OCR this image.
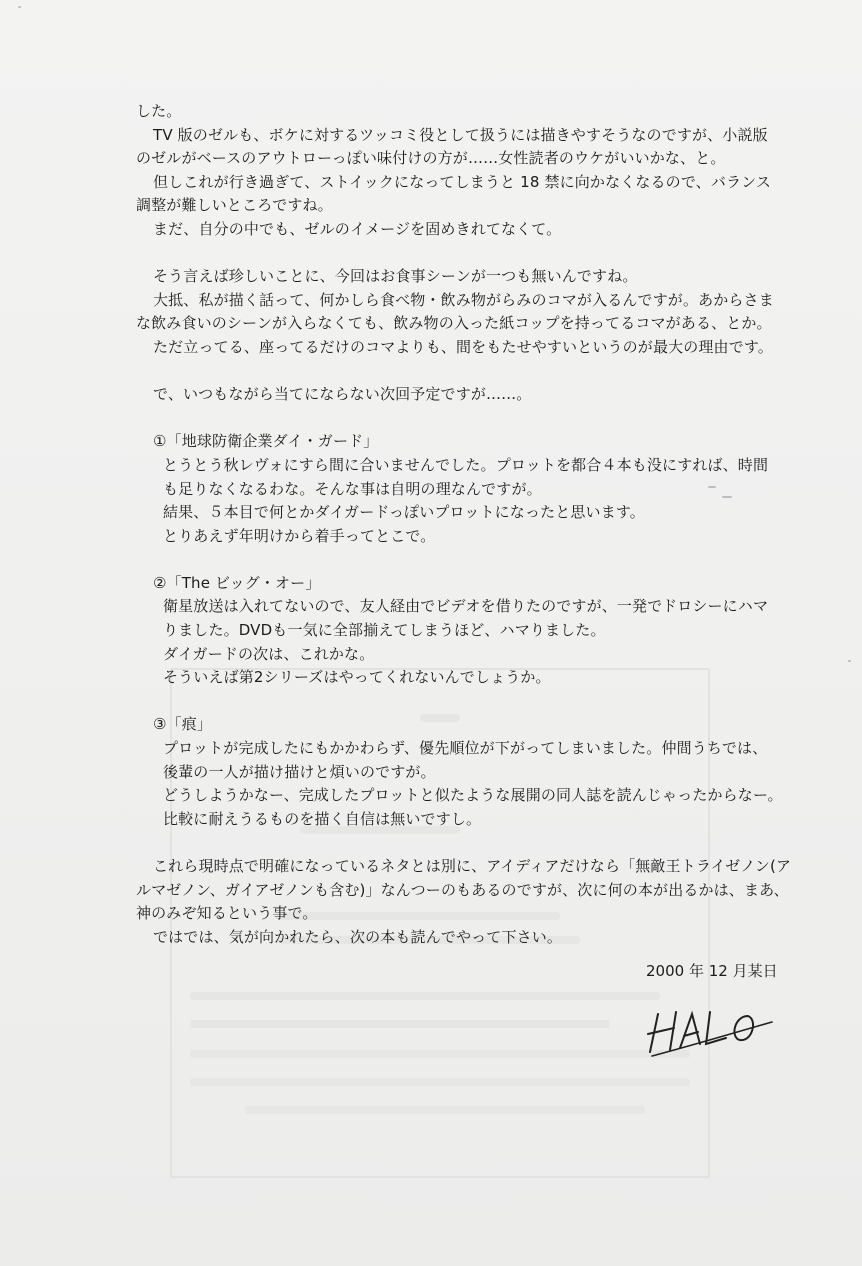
した。
TV 版のゼルも、ボケに対するツッコミ役として扱うには描きやすそうなのですが、小説版
のゼルがベースのアウトローっぽい味付けの方が……女性読者のウケがいいかな、と。
但しこれが行き過ぎて、ストイックになってしまうと 18 禁に向かなくなるので、バランス
調整が難しいところですね。
まだ、自分の中でも、ゼルのイメージを固めきれてなくて。
そう言えば珍しいことに、今回はお食事シーンが一つも無いんですね。
大抵、私が描く話って、何かしら食べ物・飲み物がらみのコマが入るんですが。あからさま
な飲み食いのシーンが入らなくても、飲み物の入った紙コップを持ってるコマがある、とか。
ただ立ってる、座ってるだけのコマよりも、間をもたせやすいというのが最大の理由です。
で、いつもながら当てにならない次回予定ですが……。
①「地球防衛企業ダイ・ガード」
とうとう秋レヴォにすら間に合いませんでした。プロットを都合４本も没にすれば、時間
も足りなくなるわな。そんな事は自明の理なんですが。
結果、５本目で何とかダイガードっぽいプロットになったと思います。
とりあえず年明けから着手ってとこで。
②「The ビッグ・オー」
衛星放送は入れてないので、友人経由でビデオを借りたのですが、一発でドロシーにハマ
りました。DVDも一気に全部揃えてしまうほど、ハマりました。
ダイガードの次は、これかな。
そういえば第2シリーズはやってくれないんでしょうか。
③「痕」
プロットが完成したにもかかわらず、優先順位が下がってしまいました。仲間うちでは、
後輩の一人が描け描けと煩いのですが。
どうしようかなー、完成したプロットと似たような展開の同人誌を読んじゃったからなー。
比較に耐えうるものを描く自信は無いですし。
これら現時点で明確になっているネタとは別に、アイディアだけなら「無敵王トライゼノン(ア
ルマゼノン、ガイアゼノンも含む)」なんつーのもあるのですが、次に何の本が出るかは、まあ、
神のみぞ知るという事で。
ではでは、気が向かれたら、次の本も読んでやって下さい。
2000 年 12 月某日
